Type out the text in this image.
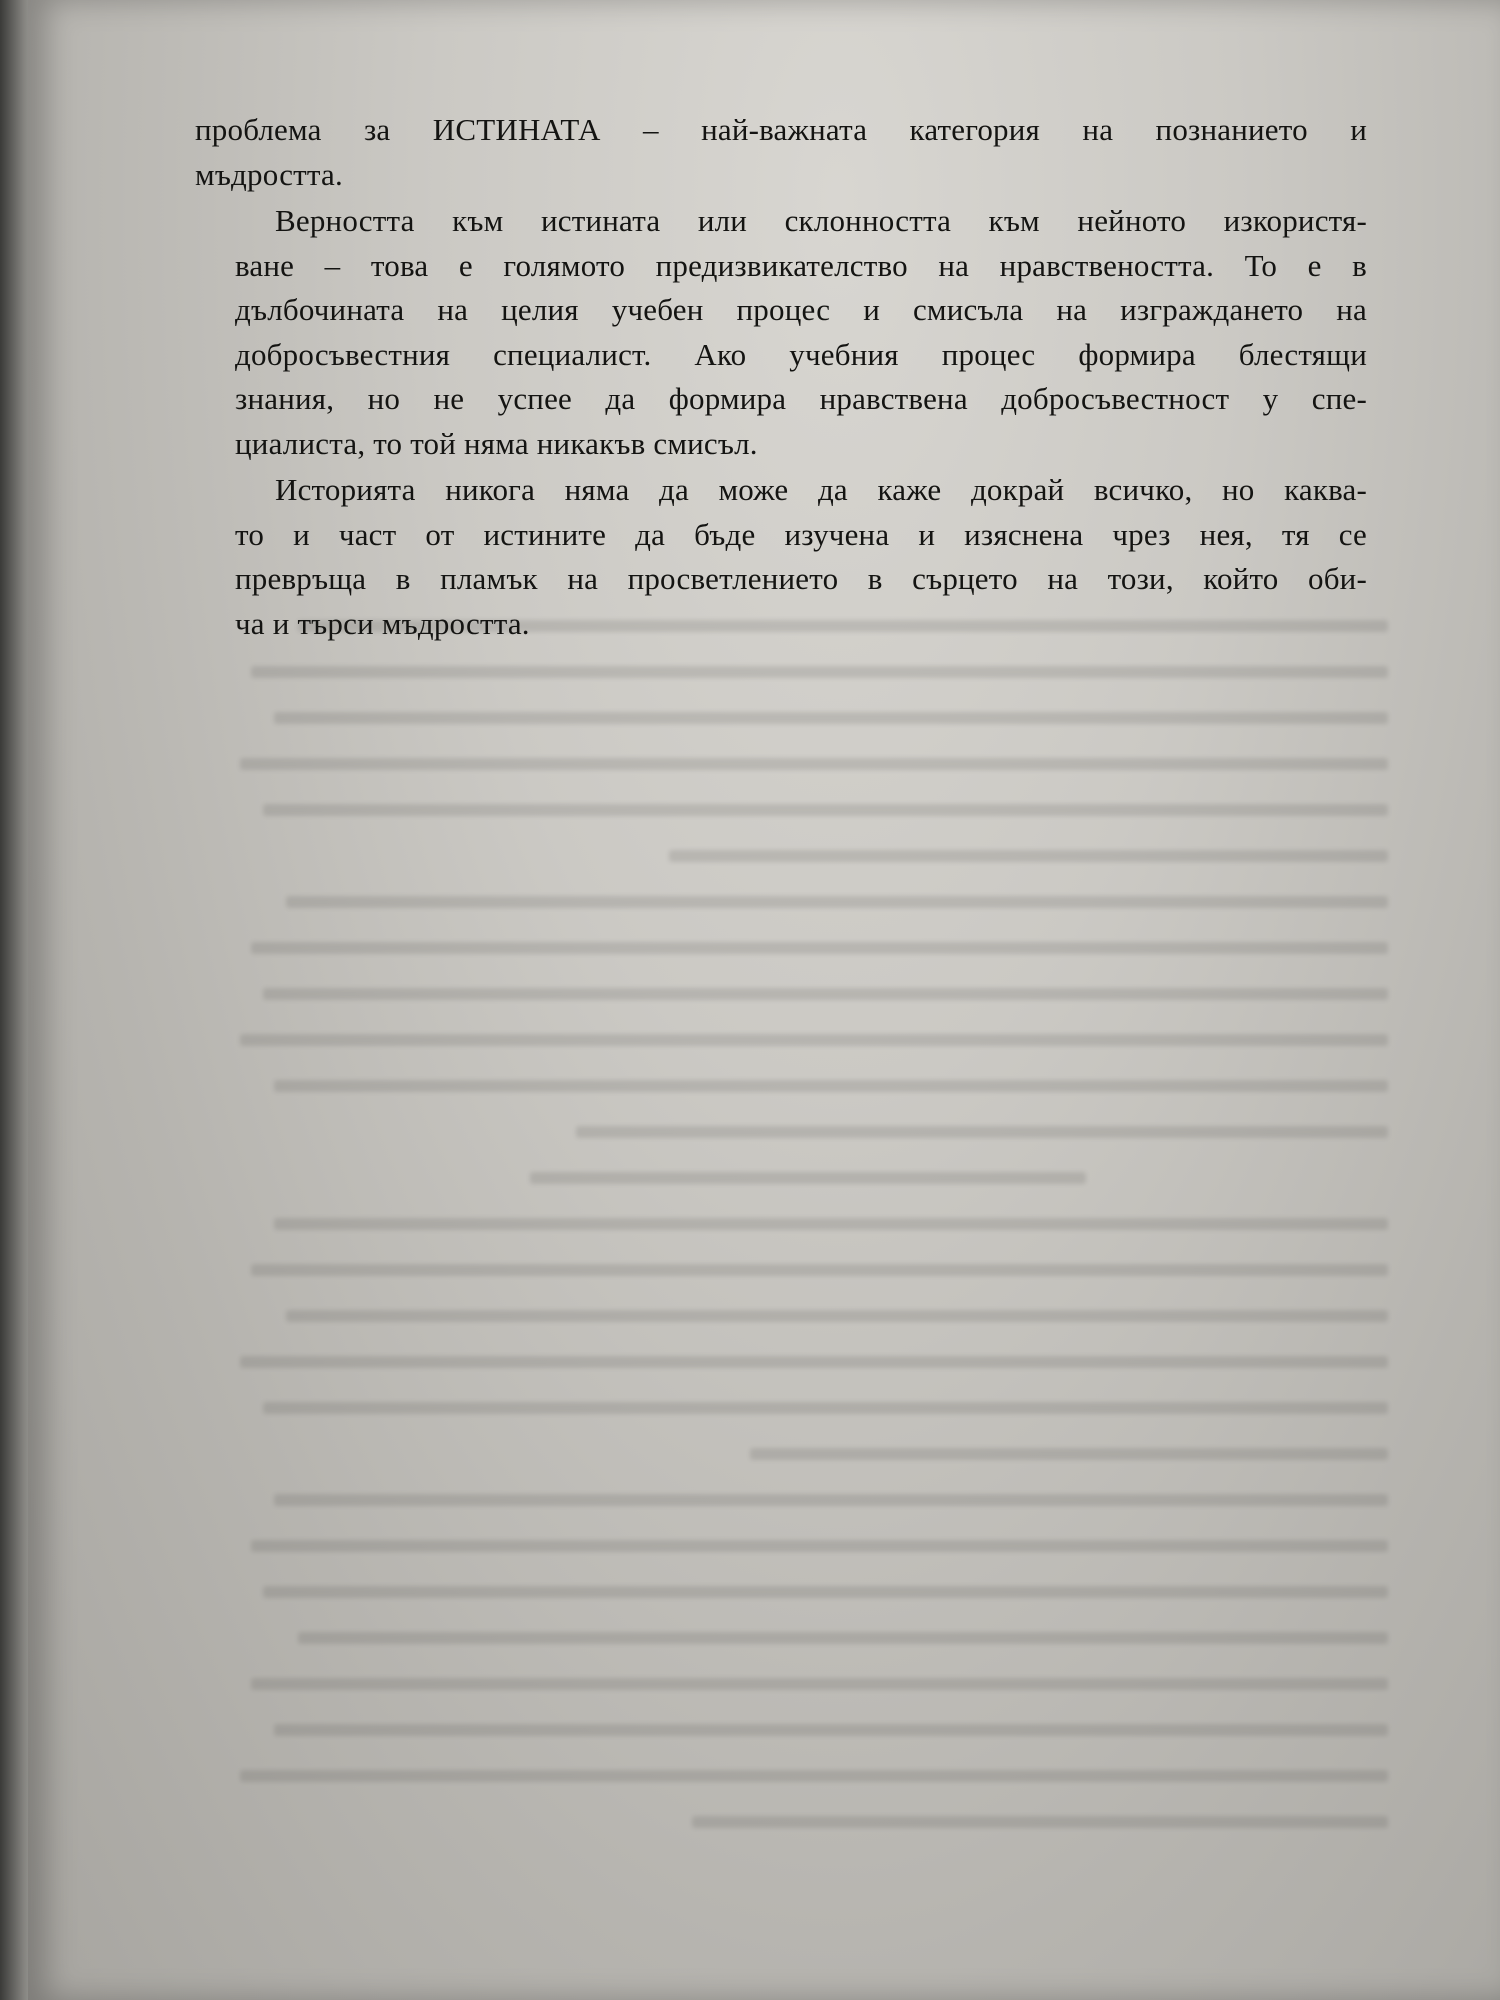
проблема за ИСТИНАТА – най-важната категория на познанието и
мъдростта.
Верността към истината или склонността към нейното изкористя-
ване – това е голямото предизвикателство на нравствеността. То е в
дълбочината на целия учебен процес и смисъла на изграждането на
добросъвестния специалист. Ако учебния процес формира блестящи
знания, но не успее да формира нравствена добросъвестност у спе-
циалиста, то той няма никакъв смисъл.
Историята никога няма да може да каже докрай всичко, но каква-
то и част от истините да бъде изучена и изяснена чрез нея, тя се
превръща в пламък на просветлението в сърцето на този, който оби-
ча и търси мъдростта.
